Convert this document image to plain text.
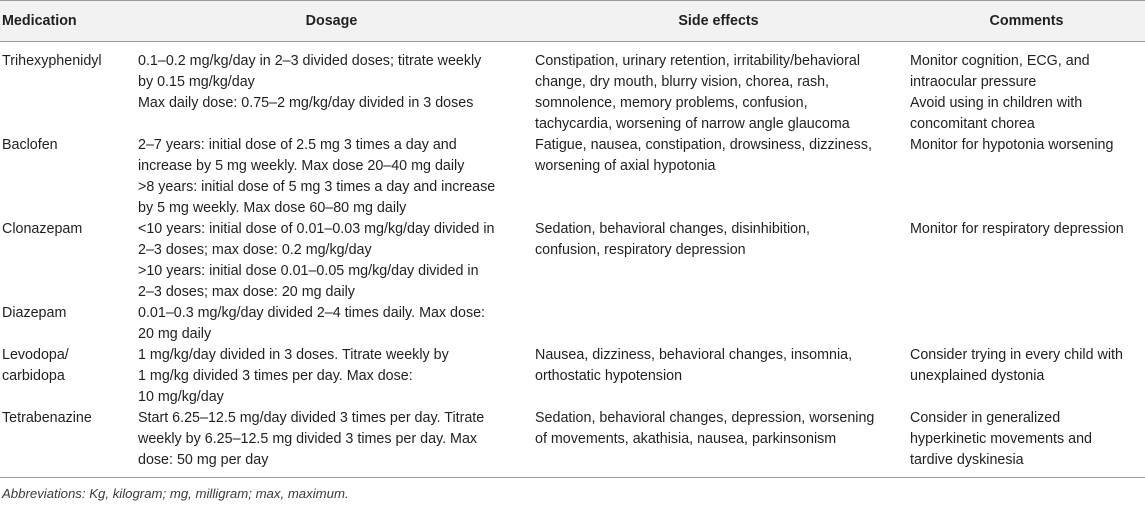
Medication	Dosage	Side effects	Comments

Trihexyphenidyl	0.1–0.2 mg/kg/day in 2–3 divided doses; titrate weekly
by 0.15 mg/kg/day
Max daily dose: 0.75–2 mg/kg/day divided in 3 doses	Constipation, urinary retention, irritability/behavioral
change, dry mouth, blurry vision, chorea, rash,
somnolence, memory problems, confusion,
tachycardia, worsening of narrow angle glaucoma	Monitor cognition, ECG, and
intraocular pressure
Avoid using in children with
concomitant chorea

Baclofen	2–7 years: initial dose of 2.5 mg 3 times a day and
increase by 5 mg weekly. Max dose 20–40 mg daily
>8 years: initial dose of 5 mg 3 times a day and increase
by 5 mg weekly. Max dose 60–80 mg daily	Fatigue, nausea, constipation, drowsiness, dizziness,
worsening of axial hypotonia	Monitor for hypotonia worsening

Clonazepam	<10 years: initial dose of 0.01–0.03 mg/kg/day divided in
2–3 doses; max dose: 0.2 mg/kg/day
>10 years: initial dose 0.01–0.05 mg/kg/day divided in
2–3 doses; max dose: 20 mg daily	Sedation, behavioral changes, disinhibition,
confusion, respiratory depression	Monitor for respiratory depression

Diazepam	0.01–0.3 mg/kg/day divided 2–4 times daily. Max dose:
20 mg daily		

Levodopa/
carbidopa	1 mg/kg/day divided in 3 doses. Titrate weekly by
1 mg/kg divided 3 times per day. Max dose:
10 mg/kg/day	Nausea, dizziness, behavioral changes, insomnia,
orthostatic hypotension	Consider trying in every child with
unexplained dystonia

Tetrabenazine	Start 6.25–12.5 mg/day divided 3 times per day. Titrate
weekly by 6.25–12.5 mg divided 3 times per day. Max
dose: 50 mg per day	Sedation, behavioral changes, depression, worsening
of movements, akathisia, nausea, parkinsonism	Consider in generalized
hyperkinetic movements and
tardive dyskinesia
Abbreviations: Kg, kilogram; mg, milligram; max, maximum.
